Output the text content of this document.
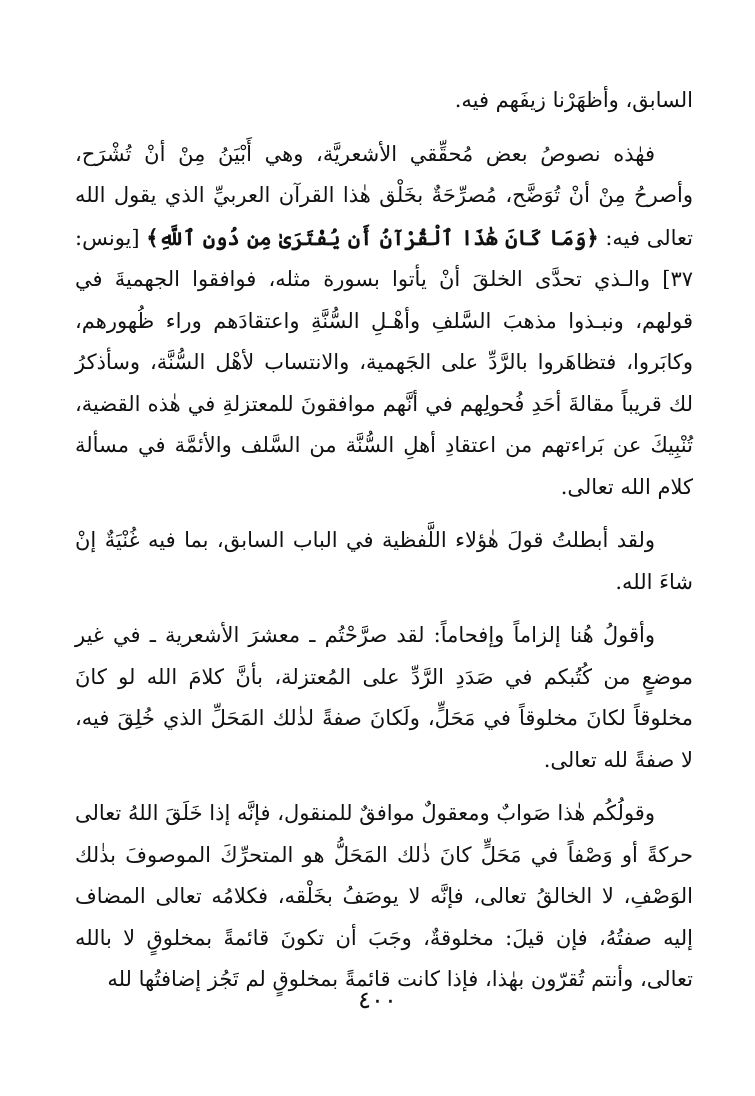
السابق، وأظهَرْنا زيفَهم فيه.

فهٰذه نصوصُ بعض مُحقِّقي الأشعريَّة، وهي أَبْيَنُ مِنْ أنْ تُشْرَح، وأصرحُ مِنْ أنْ تُوَضَّح، مُصرِّحَةٌ بخَلْق هٰذا القرآن العربيِّ الذي يقول الله تعالى فيه: ﴿وَمَا كَانَ هَٰذَا ٱلْقُرْآنُ أَن يُفْتَرَىٰ مِن دُونِ ٱللَّهِ﴾ [يونس: ٣٧] والـذي تحدَّى الخلقَ أنْ يأتوا بسورة مثله، فوافقوا الجهميةَ في قولهم، ونبـذوا مذهبَ السَّلفِ وأهْـلِ السُّنَّةِ واعتقادَهم وراء ظُهورهم، وكابَروا، فتظاهَروا بالرَّدِّ على الجَهمية، والانتساب لأهْل السُّنَّة، وسأذكرُ لك قريباً مقالةَ أحَدِ فُحولِهم في أنَّهم موافقونَ للمعتزلةِ في هٰذه القضية، تُنْبِيكَ عن بَراءتهم من اعتقادِ أهلِ السُّنَّة من السَّلف والأئمَّة في مسألة كلام الله تعالى.

ولقد أبطلتُ قولَ هٰؤلاء اللَّفظية في الباب السابق، بما فيه غُنْيَةٌ إنْ شاءَ الله.

وأقولُ هُنا إلزاماً وإفحاماً: لقد صرَّحْتُم ـ معشرَ الأشعرية ـ في غير موضعٍ من كُتُبكم في صَدَدِ الرَّدِّ على المُعتزلة، بأنَّ كلامَ الله لو كانَ مخلوقاً لكانَ مخلوقاً في مَحَلٍّ، ولَكانَ صفةً لذٰلك المَحَلِّ الذي خُلِقَ فيه، لا صفةً لله تعالى.

وقولُكُم هٰذا صَوابٌ ومعقولٌ موافقٌ للمنقول، فإنَّه إذا خَلَقَ اللهُ تعالى حركةً أو وَصْفاً في مَحَلٍّ كانَ ذٰلك المَحَلُّ هو المتحرِّكَ الموصوفَ بذٰلك الوَصْفِ، لا الخالقُ تعالى، فإنَّه لا يوصَفُ بخَلْقه، فكلامُه تعالى المضاف إليه صفتُهُ، فإن قيلَ: مخلوقةٌ، وجَبَ أن تكونَ قائمةً بمخلوقٍ لا بالله تعالى، وأنتم تُقرّون بهٰذا، فإذا كانت قائمةً بمخلوقٍ لم تَجُز إضافتُها لله

٤٠٠
